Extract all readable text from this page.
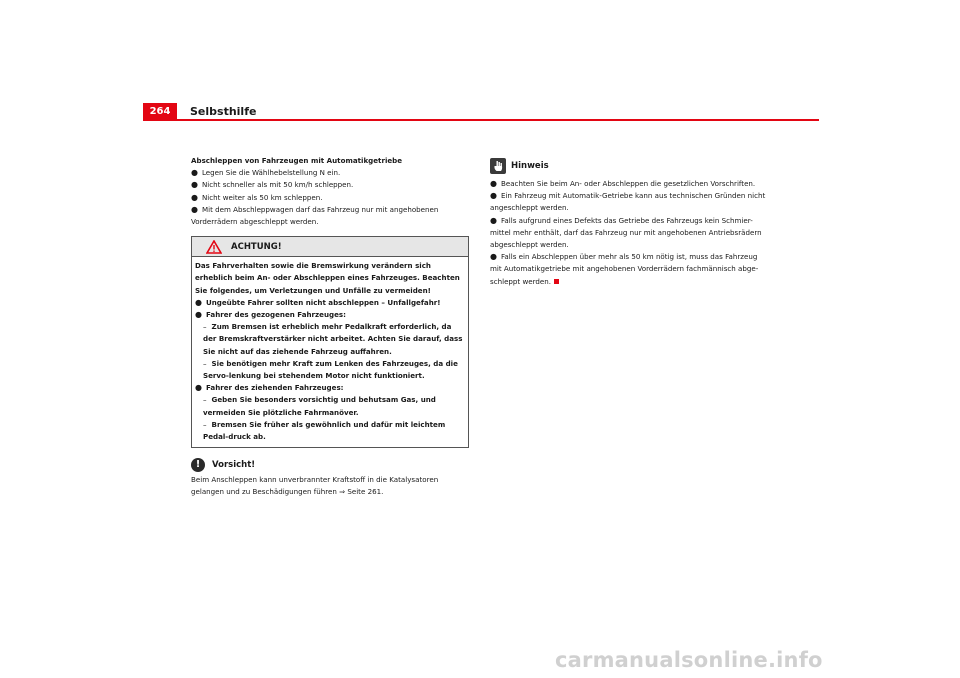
264	Selbsthilfe
Abschleppen von Fahrzeugen mit Automatikgetriebe
● Legen Sie die Wählhebelstellung N ein.
● Nicht schneller als mit 50 km/h schleppen.
● Nicht weiter als 50 km schleppen.
● Mit dem Abschleppwagen darf das Fahrzeug nur mit angehobenen Vorderrädern abgeschleppt werden.
ACHTUNG!
Das Fahrverhalten sowie die Bremswirkung verändern sich erheblich beim An- oder Abschleppen eines Fahrzeuges. Beachten Sie folgendes, um Verletzungen und Unfälle zu vermeiden!
● Ungeübte Fahrer sollten nicht abschleppen – Unfallgefahr!
● Fahrer des gezogenen Fahrzeuges:
– Zum Bremsen ist erheblich mehr Pedalkraft erforderlich, da der Bremskraftverstärker nicht arbeitet. Achten Sie darauf, dass Sie nicht auf das ziehende Fahrzeug auffahren.
– Sie benötigen mehr Kraft zum Lenken des Fahrzeuges, da die Servo-lenkung bei stehendem Motor nicht funktioniert.
● Fahrer des ziehenden Fahrzeuges:
– Geben Sie besonders vorsichtig und behutsam Gas, und vermeiden Sie plötzliche Fahrmanöver.
– Bremsen Sie früher als gewöhnlich und dafür mit leichtem Pedal-druck ab.
!	Vorsicht!
Beim Anschleppen kann unverbrannter Kraftstoff in die Katalysatoren gelangen und zu Beschädigungen führen ⇒ Seite 261.
Hinweis
● Beachten Sie beim An- oder Abschleppen die gesetzlichen Vorschriften.
● Ein Fahrzeug mit Automatik-Getriebe kann aus technischen Gründen nicht angeschleppt werden.
● Falls aufgrund eines Defekts das Getriebe des Fahrzeugs kein Schmier-mittel mehr enthält, darf das Fahrzeug nur mit angehobenen Antriebsrädern abgeschleppt werden.
● Falls ein Abschleppen über mehr als 50 km nötig ist, muss das Fahrzeug mit Automatikgetriebe mit angehobenen Vorderrädern fachmännisch abge-schleppt werden.
carmanualsonline.info
